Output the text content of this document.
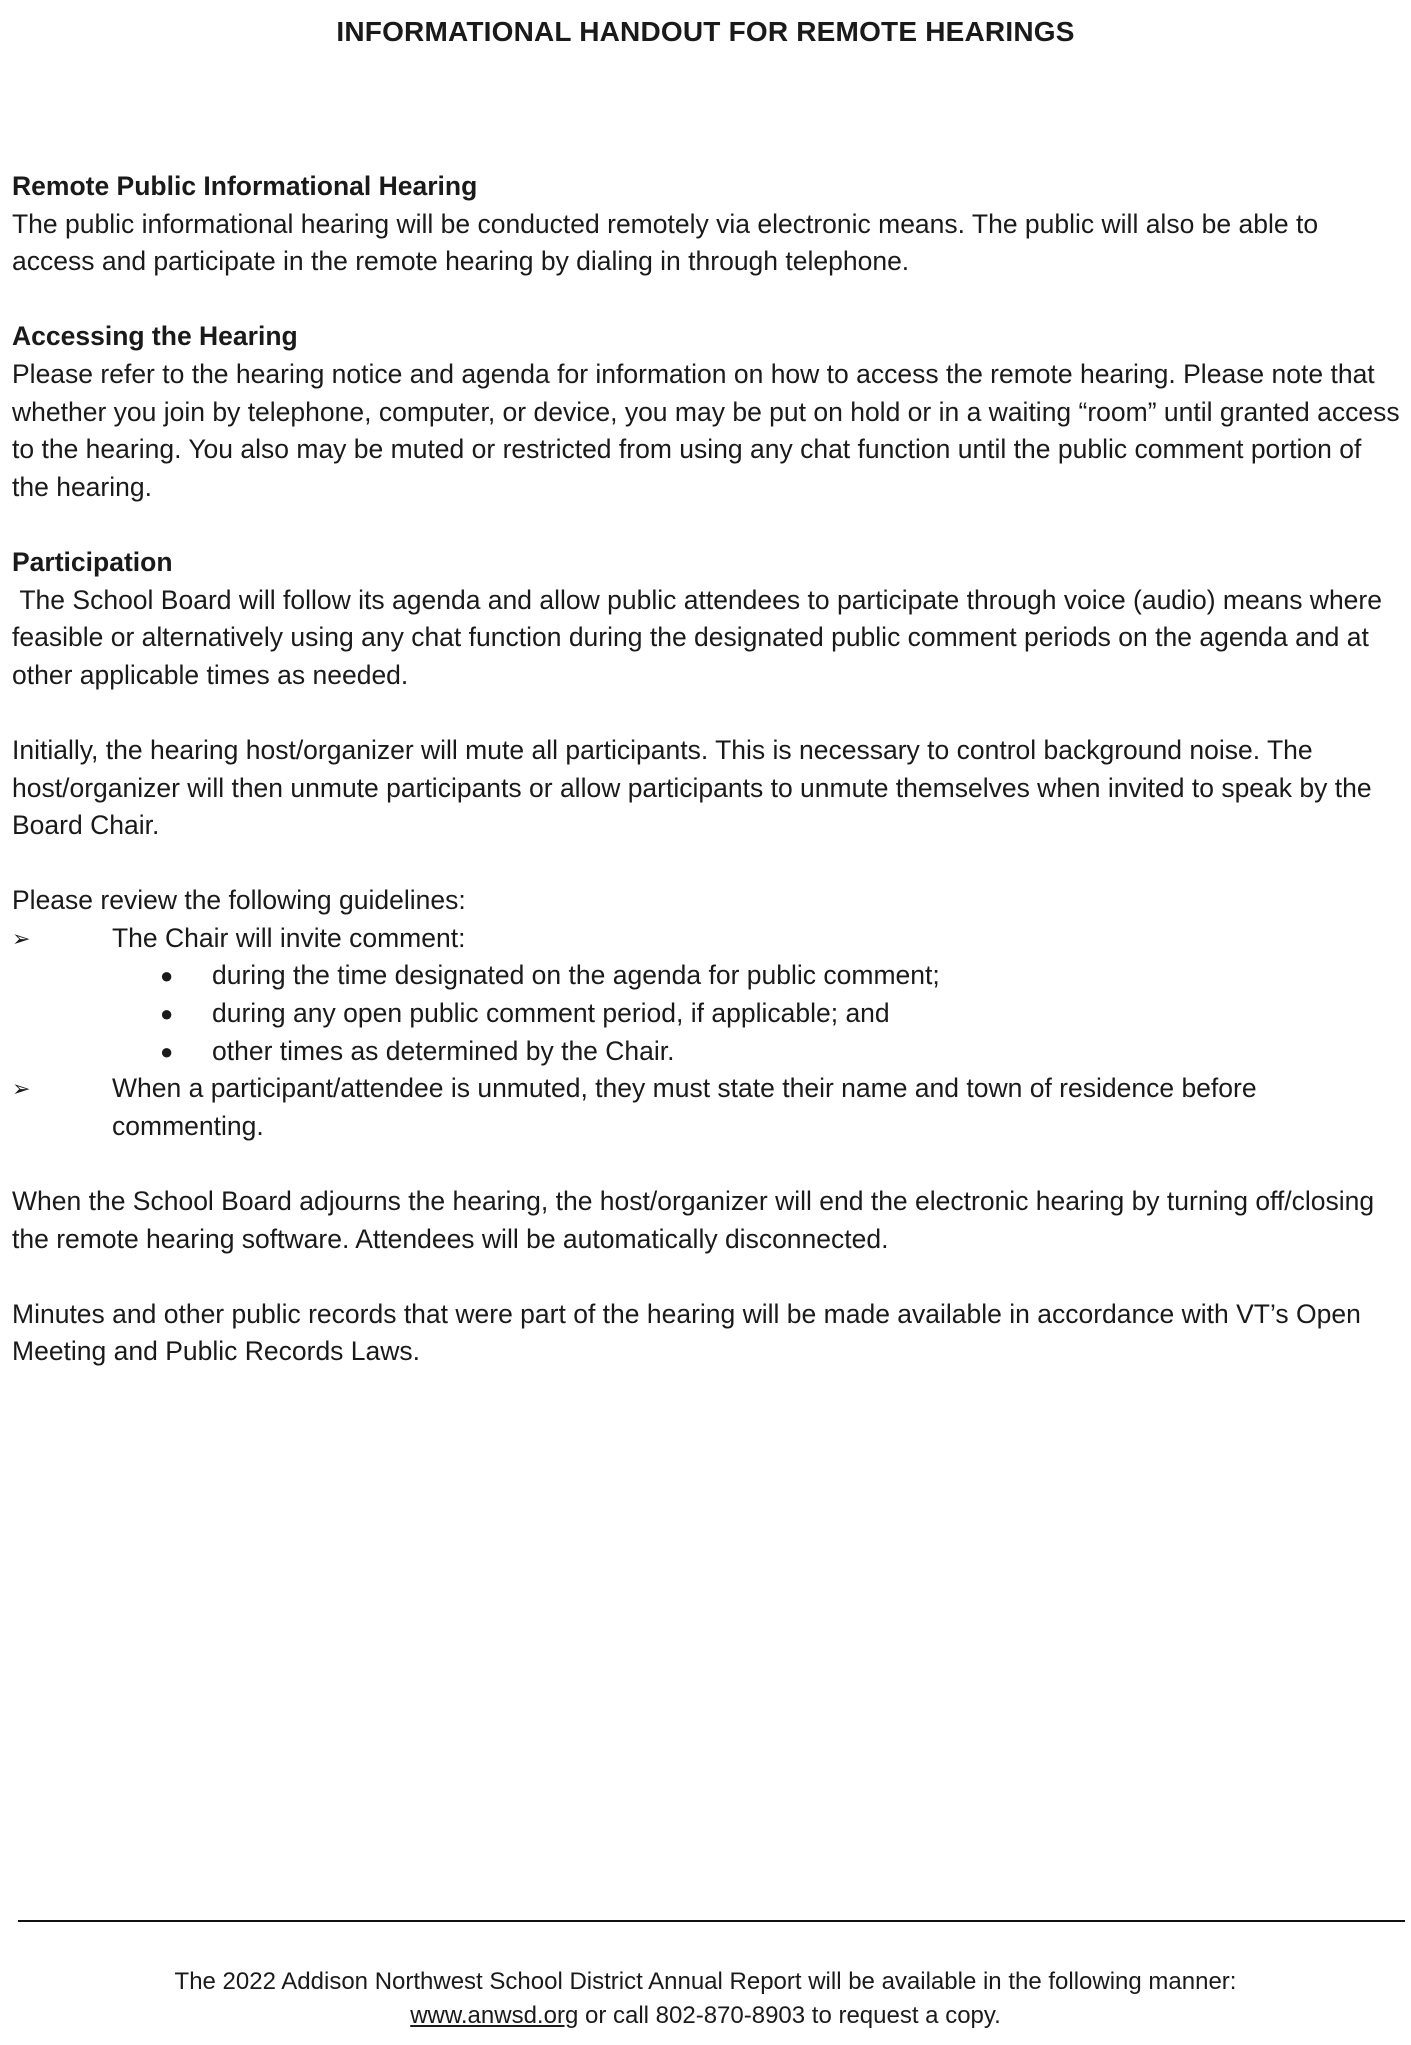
INFORMATIONAL HANDOUT FOR REMOTE HEARINGS
Remote Public Informational Hearing

The public informational hearing will be conducted remotely via electronic means. The public will also be able to access and participate in the remote hearing by dialing in through telephone.

Accessing the Hearing

Please refer to the hearing notice and agenda for information on how to access the remote hearing. Please note that whether you join by telephone, computer, or device, you may be put on hold or in a waiting “room” until granted access to the hearing. You also may be muted or restricted from using any chat function until the public comment portion of the hearing.

Participation

The School Board will follow its agenda and allow public attendees to participate through voice (audio) means where feasible or alternatively using any chat function during the designated public comment periods on the agenda and at other applicable times as needed.

Initially, the hearing host/organizer will mute all participants. This is necessary to control background noise. The host/organizer will then unmute participants or allow participants to unmute themselves when invited to speak by the Board Chair.

Please review the following guidelines:

➢	The Chair will invite comment:
● during the time designated on the agenda for public comment;
● during any open public comment period, if applicable; and
● other times as determined by the Chair.
➢	When a participant/attendee is unmuted, they must state their name and town of residence before commenting.

When the School Board adjourns the hearing, the host/organizer will end the electronic hearing by turning off/closing the remote hearing software. Attendees will be automatically disconnected.

Minutes and other public records that were part of the hearing will be made available in accordance with VT’s Open Meeting and Public Records Laws.

The 2022 Addison Northwest School District Annual Report will be available in the following manner:
www.anwsd.org or call 802-870-8903 to request a copy.
